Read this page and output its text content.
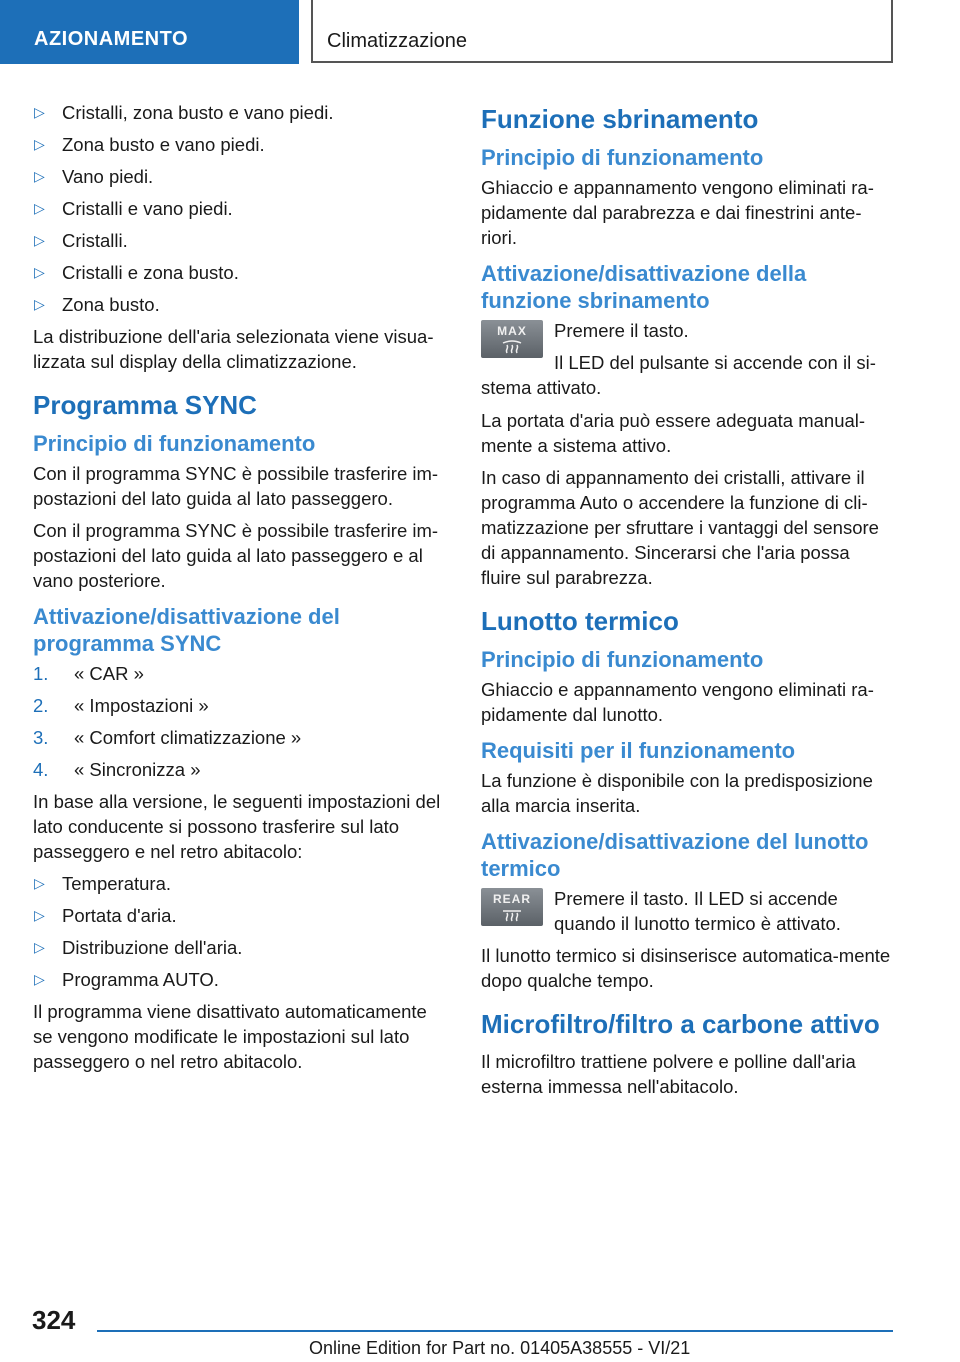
AZIONAMENTO	Climatizzazione
▷ Cristalli, zona busto e vano piedi.
▷ Zona busto e vano piedi.
▷ Vano piedi.
▷ Cristalli e vano piedi.
▷ Cristalli.
▷ Cristalli e zona busto.
▷ Zona busto.

La distribuzione dell'aria selezionata viene visua-lizzata sul display della climatizzazione.

Programma SYNC
Principio di funzionamento

Con il programma SYNC è possibile trasferire im-postazioni del lato guida al lato passeggero.

Con il programma SYNC è possibile trasferire im-postazioni del lato guida al lato passeggero e al vano posteriore.

Attivazione/disattivazione del programma SYNC
1. « CAR »
2. « Impostazioni »
3. « Comfort climatizzazione »
4. « Sincronizza »

In base alla versione, le seguenti impostazioni del lato conducente si possono trasferire sul lato passeggero e nel retro abitacolo:

▷ Temperatura.
▷ Portata d'aria.
▷ Distribuzione dell'aria.
▷ Programma AUTO.

Il programma viene disattivato automaticamente se vengono modificate le impostazioni sul lato passeggero o nel retro abitacolo.

Funzione sbrinamento
Principio di funzionamento

Ghiaccio e appannamento vengono eliminati ra-pidamente dal parabrezza e dai finestrini ante-riori.

Attivazione/disattivazione della funzione sbrinamento
MAX	Premere il tasto.

Il LED del pulsante si accende con il si-stema attivato.

La portata d'aria può essere adeguata manual-mente a sistema attivo.

In caso di appannamento dei cristalli, attivare il programma Auto o accendere la funzione di cli-matizzazione per sfruttare i vantaggi del sensore di appannamento. Sincerarsi che l'aria possa fluire sul parabrezza.

Lunotto termico
Principio di funzionamento

Ghiaccio e appannamento vengono eliminati ra-pidamente dal lunotto.

Requisiti per il funzionamento

La funzione è disponibile con la predisposizione alla marcia inserita.

Attivazione/disattivazione del lunotto termico
REAR	Premere il tasto. Il LED si accende quando il lunotto termico è attivato.

Il lunotto termico si disinserisce automatica-mente dopo qualche tempo.

Microfiltro/filtro a carbone attivo

Il microfiltro trattiene polvere e polline dall'aria esterna immessa nell'abitacolo.

324
Online Edition for Part no. 01405A38555 - VI/21
